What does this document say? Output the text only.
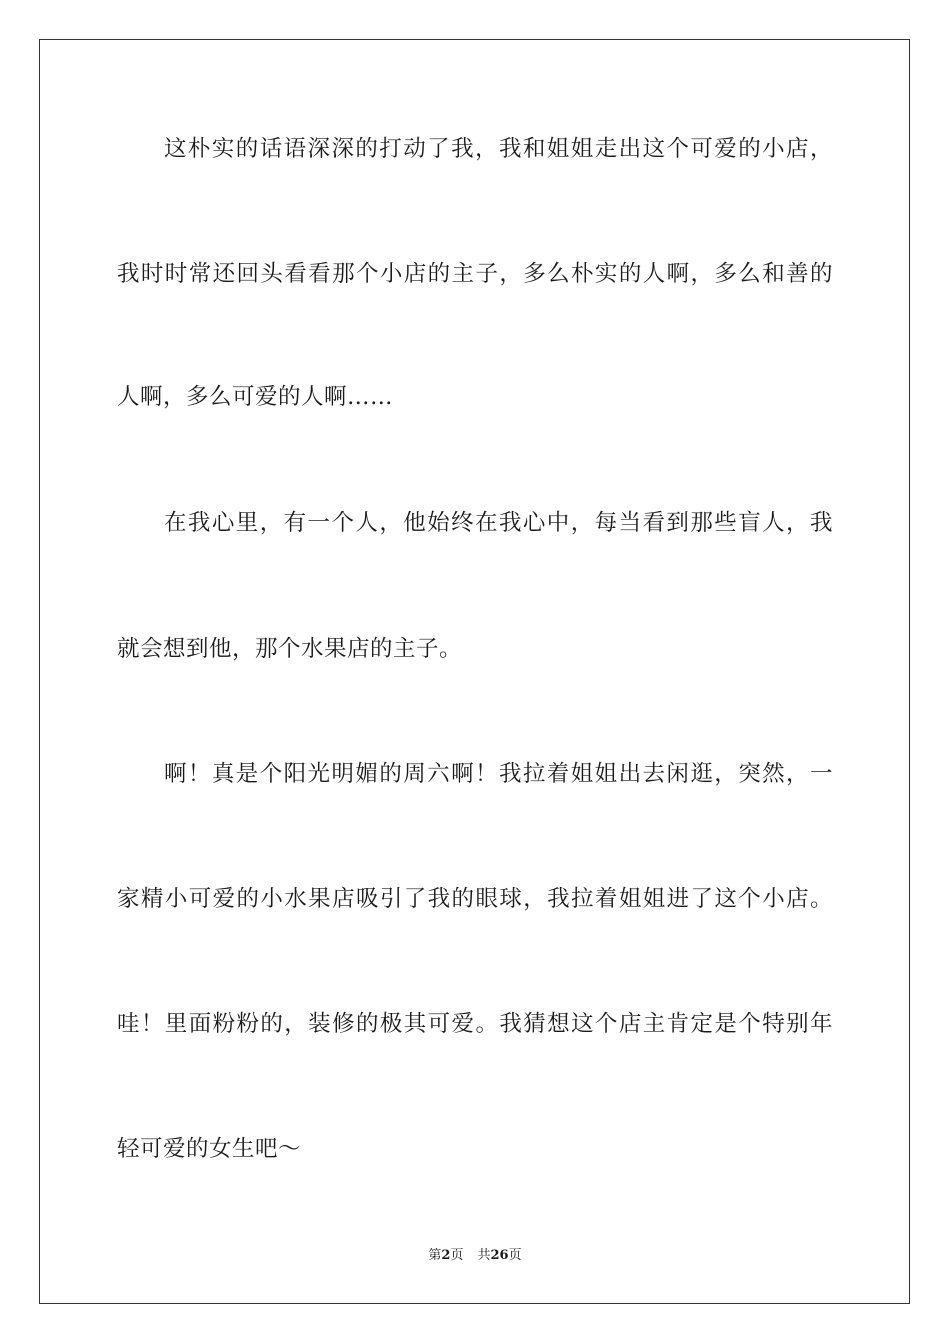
这朴实的话语深深的打动了我，我和姐姐走出这个可爱的小店，
我时时常还回头看看那个小店的主子，多么朴实的人啊，多么和善的
人啊，多么可爱的人啊……
在我心里，有一个人，他始终在我心中，每当看到那些盲人，我
就会想到他，那个水果店的主子。
啊！真是个阳光明媚的周六啊！我拉着姐姐出去闲逛，突然，一
家精小可爱的小水果店吸引了我的眼球，我拉着姐姐进了这个小店。
哇！里面粉粉的，装修的极其可爱。我猜想这个店主肯定是个特别年
轻可爱的女生吧～
第2页 共26页
